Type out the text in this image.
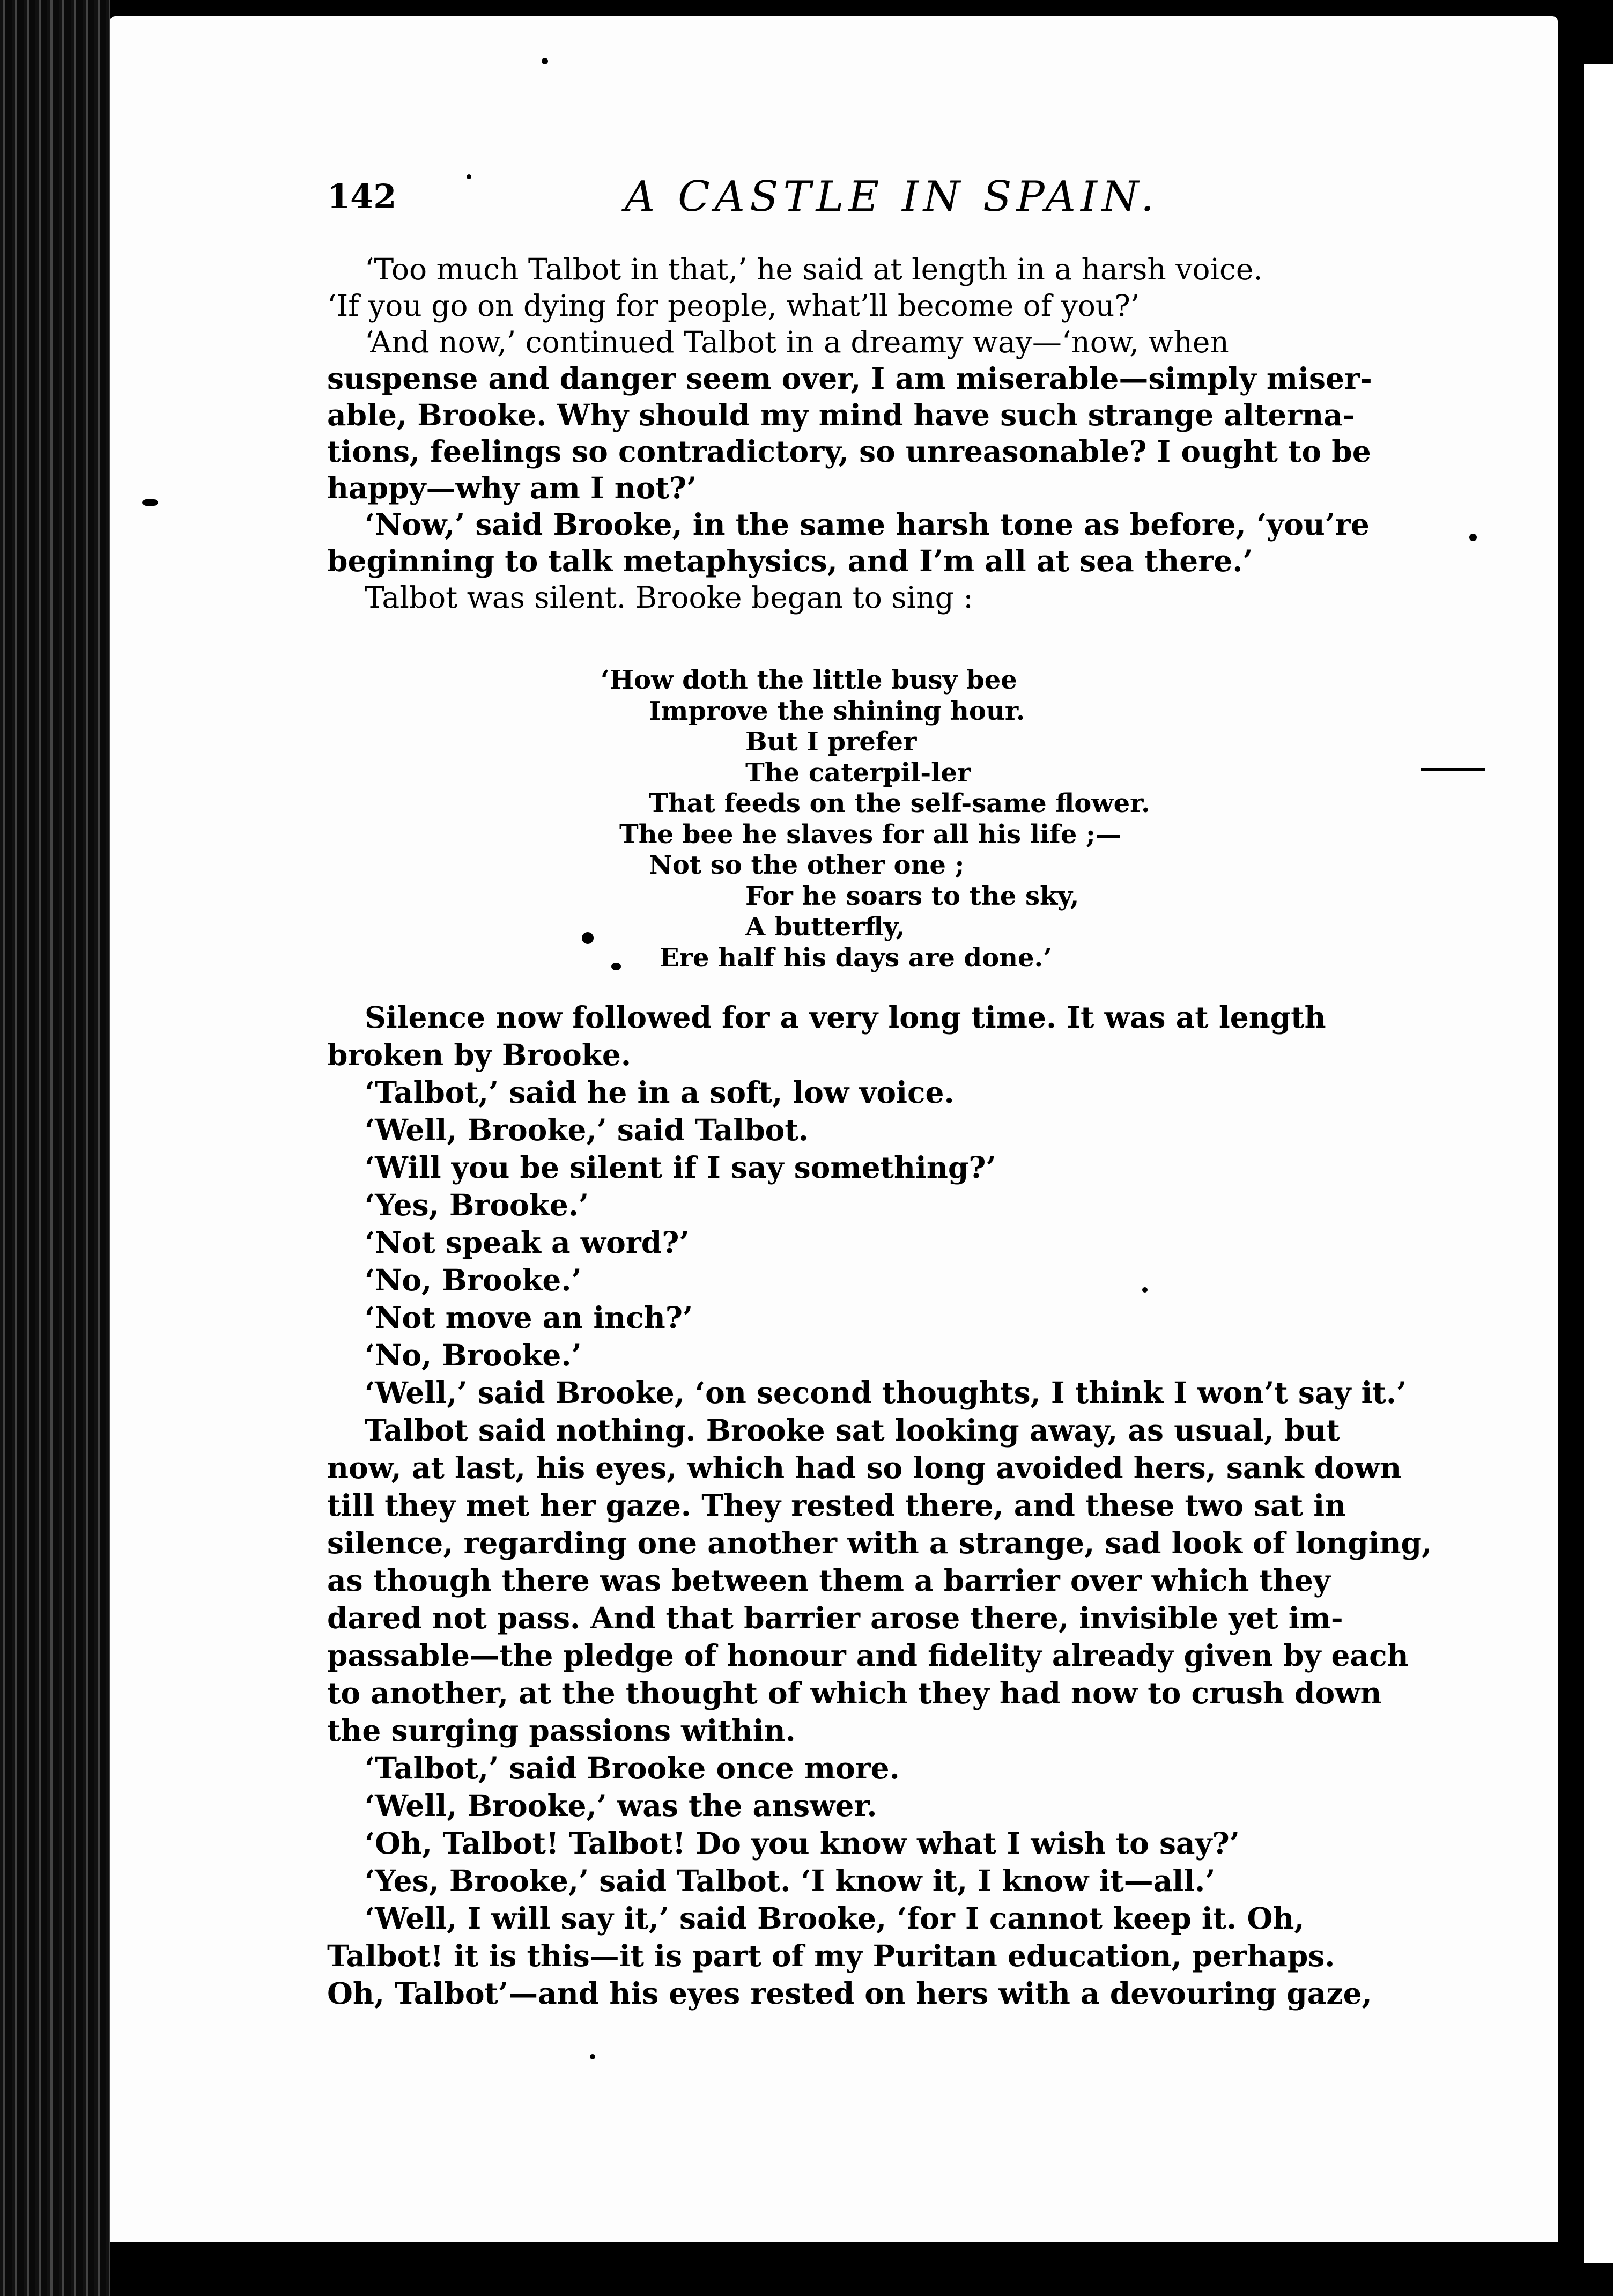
142	A CASTLE IN SPAIN.
‘Too much Talbot in that,’ he said at length in a harsh voice.
‘If you go on dying for people, what’ll become of you?’
‘And now,’ continued Talbot in a dreamy way—‘now, when
suspense and danger seem over, I am miserable—simply miser-
able, Brooke. Why should my mind have such strange alterna-
tions, feelings so contradictory, so unreasonable? I ought to be
happy—why am I not?’
‘Now,’ said Brooke, in the same harsh tone as before, ‘you’re
beginning to talk metaphysics, and I’m all at sea there.’
Talbot was silent. Brooke began to sing :
‘How doth the little busy bee
Improve the shining hour.
But I prefer
The caterpil-ler
That feeds on the self-same flower.
The bee he slaves for all his life ;—
Not so the other one ;
For he soars to the sky,
A butterfly,
Ere half his days are done.’
Silence now followed for a very long time. It was at length
broken by Brooke.
‘Talbot,’ said he in a soft, low voice.
‘Well, Brooke,’ said Talbot.
‘Will you be silent if I say something?’
‘Yes, Brooke.’
‘Not speak a word?’
‘No, Brooke.’
‘Not move an inch?’
‘No, Brooke.’
‘Well,’ said Brooke, ‘on second thoughts, I think I won’t say it.’
Talbot said nothing. Brooke sat looking away, as usual, but
now, at last, his eyes, which had so long avoided hers, sank down
till they met her gaze. They rested there, and these two sat in
silence, regarding one another with a strange, sad look of longing,
as though there was between them a barrier over which they
dared not pass. And that barrier arose there, invisible yet im-
passable—the pledge of honour and fidelity already given by each
to another, at the thought of which they had now to crush down
the surging passions within.
‘Talbot,’ said Brooke once more.
‘Well, Brooke,’ was the answer.
‘Oh, Talbot! Talbot! Do you know what I wish to say?’
‘Yes, Brooke,’ said Talbot. ‘I know it, I know it—all.’
‘Well, I will say it,’ said Brooke, ‘for I cannot keep it. Oh,
Talbot! it is this—it is part of my Puritan education, perhaps.
Oh, Talbot’—and his eyes rested on hers with a devouring gaze,
